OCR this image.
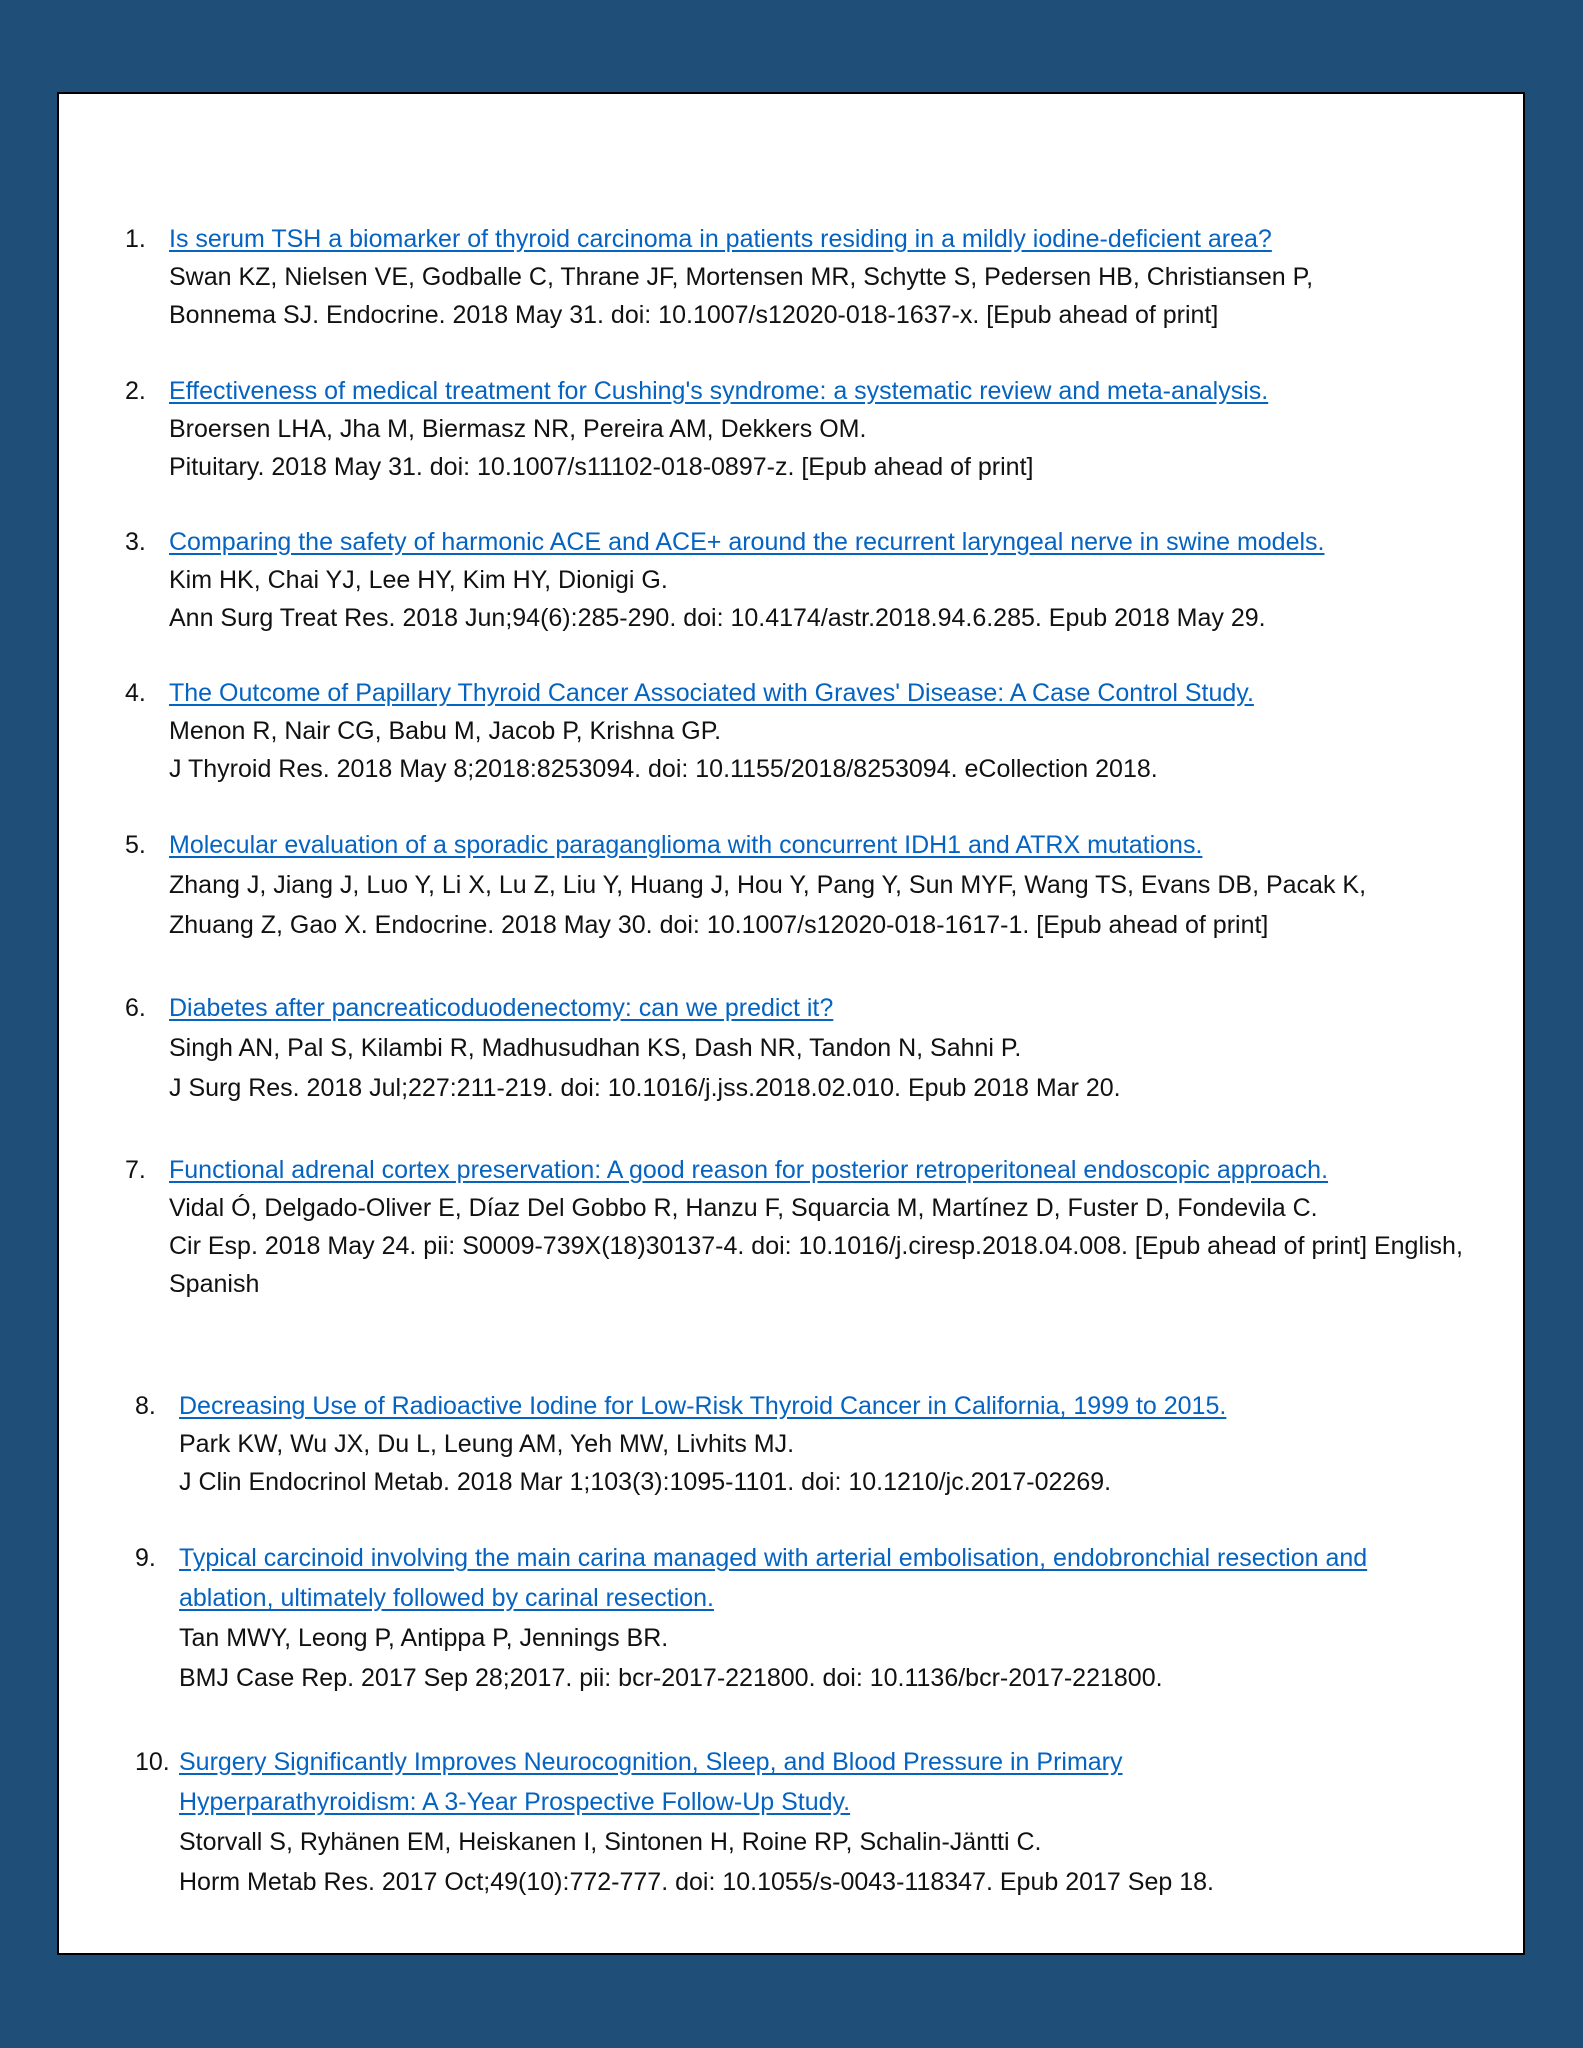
1. Is serum TSH a biomarker of thyroid carcinoma in patients residing in a mildly iodine-deficient area?
Swan KZ, Nielsen VE, Godballe C, Thrane JF, Mortensen MR, Schytte S, Pedersen HB, Christiansen P,
Bonnema SJ. Endocrine. 2018 May 31. doi: 10.1007/s12020-018-1637-x. [Epub ahead of print]
2. Effectiveness of medical treatment for Cushing's syndrome: a systematic review and meta-analysis.
Broersen LHA, Jha M, Biermasz NR, Pereira AM, Dekkers OM.
Pituitary. 2018 May 31. doi: 10.1007/s11102-018-0897-z. [Epub ahead of print]
3. Comparing the safety of harmonic ACE and ACE+ around the recurrent laryngeal nerve in swine models.
Kim HK, Chai YJ, Lee HY, Kim HY, Dionigi G.
Ann Surg Treat Res. 2018 Jun;94(6):285-290. doi: 10.4174/astr.2018.94.6.285. Epub 2018 May 29.
4. The Outcome of Papillary Thyroid Cancer Associated with Graves' Disease: A Case Control Study.
Menon R, Nair CG, Babu M, Jacob P, Krishna GP.
J Thyroid Res. 2018 May 8;2018:8253094. doi: 10.1155/2018/8253094. eCollection 2018.
5. Molecular evaluation of a sporadic paraganglioma with concurrent IDH1 and ATRX mutations.
Zhang J, Jiang J, Luo Y, Li X, Lu Z, Liu Y, Huang J, Hou Y, Pang Y, Sun MYF, Wang TS, Evans DB, Pacak K,
Zhuang Z, Gao X. Endocrine. 2018 May 30. doi: 10.1007/s12020-018-1617-1. [Epub ahead of print]
6. Diabetes after pancreaticoduodenectomy: can we predict it?
Singh AN, Pal S, Kilambi R, Madhusudhan KS, Dash NR, Tandon N, Sahni P.
J Surg Res. 2018 Jul;227:211-219. doi: 10.1016/j.jss.2018.02.010. Epub 2018 Mar 20.
7. Functional adrenal cortex preservation: A good reason for posterior retroperitoneal endoscopic approach.
Vidal Ó, Delgado-Oliver E, Díaz Del Gobbo R, Hanzu F, Squarcia M, Martínez D, Fuster D, Fondevila C.
Cir Esp. 2018 May 24. pii: S0009-739X(18)30137-4. doi: 10.1016/j.ciresp.2018.04.008. [Epub ahead of print] English, Spanish
8. Decreasing Use of Radioactive Iodine for Low-Risk Thyroid Cancer in California, 1999 to 2015.
Park KW, Wu JX, Du L, Leung AM, Yeh MW, Livhits MJ.
J Clin Endocrinol Metab. 2018 Mar 1;103(3):1095-1101. doi: 10.1210/jc.2017-02269.
9. Typical carcinoid involving the main carina managed with arterial embolisation, endobronchial resection and ablation, ultimately followed by carinal resection.
Tan MWY, Leong P, Antippa P, Jennings BR.
BMJ Case Rep. 2017 Sep 28;2017. pii: bcr-2017-221800. doi: 10.1136/bcr-2017-221800.
10. Surgery Significantly Improves Neurocognition, Sleep, and Blood Pressure in Primary Hyperparathyroidism: A 3-Year Prospective Follow-Up Study.
Storvall S, Ryhänen EM, Heiskanen I, Sintonen H, Roine RP, Schalin-Jäntti C.
Horm Metab Res. 2017 Oct;49(10):772-777. doi: 10.1055/s-0043-118347. Epub 2017 Sep 18.
